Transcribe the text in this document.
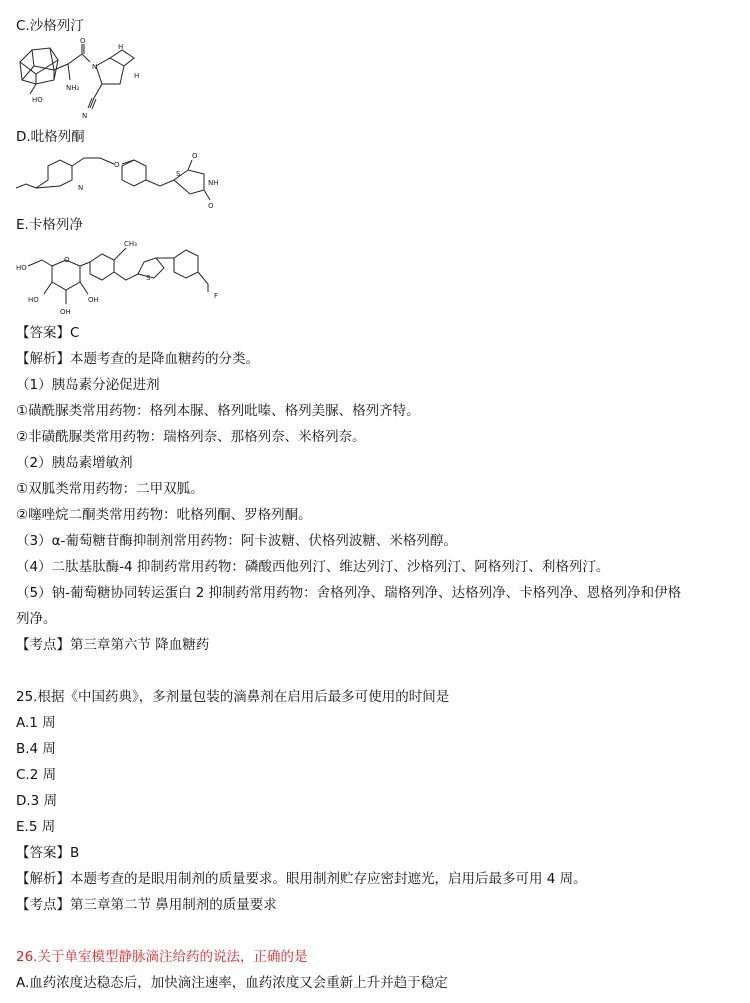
C.沙格列汀
HO
NH₂
O
N
H
H
N
D.吡格列酮
N
O
O
S
NH
O
E.卡格列净
O
CH₃
S
F
HO
HO	OH
OH
【答案】C
【解析】本题考查的是降血糖药的分类。
（1）胰岛素分泌促进剂
①磺酰脲类常用药物：格列本脲、格列吡嗪、格列美脲、格列齐特。
②非磺酰脲类常用药物：瑞格列奈、那格列奈、米格列奈。
（2）胰岛素增敏剂
①双胍类常用药物：二甲双胍。
②噻唑烷二酮类常用药物：吡格列酮、罗格列酮。
（3）α-葡萄糖苷酶抑制剂常用药物：阿卡波糖、伏格列波糖、米格列醇。
（4）二肽基肽酶-4 抑制药常用药物：磷酸西他列汀、维达列汀、沙格列汀、阿格列汀、利格列汀。
（5）钠-葡萄糖协同转运蛋白 2 抑制药常用药物：舍格列净、瑞格列净、达格列净、卡格列净、恩格列净和伊格
列净。
【考点】第三章第六节 降血糖药
25.根据《中国药典》，多剂量包装的滴鼻剂在启用后最多可使用的时间是
A.1 周
B.4 周
C.2 周
D.3 周
E.5 周
【答案】B
【解析】本题考查的是眼用制剂的质量要求。眼用制剂贮存应密封遮光，启用后最多可用 4 周。
【考点】第三章第二节 鼻用制剂的质量要求
26.关于单室模型静脉滴注给药的说法，正确的是
A.血药浓度达稳态后，加快滴注速率，血药浓度又会重新上升并趋于稳定
